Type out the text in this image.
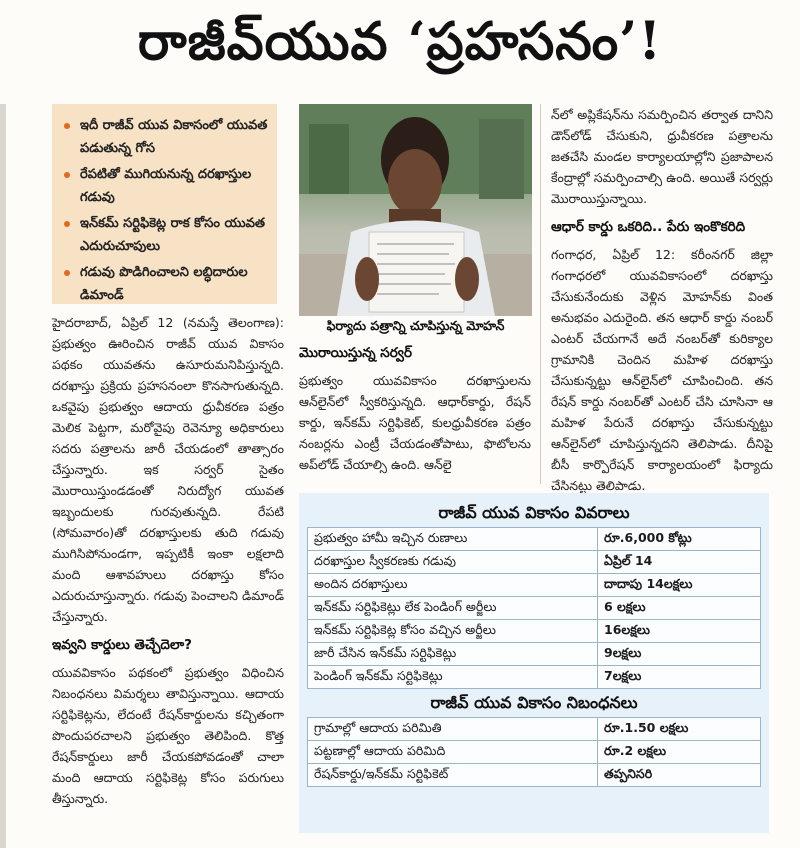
రాజీవ్‌యువ ‘ప్రహసనం’!
ఇదీ రాజీవ్ యువ వికాసంలో యువత పడుతున్న గోస
రేపటితో ముగియనున్న దరఖాస్తుల గడువు
ఇన్‌కమ్ సర్టిఫికెట్ల రాక కోసం యువత ఎదురుచూపులు
గడువు పొడిగించాలని లబ్ధిదారుల డిమాండ్

హైదరాబాద్, ఏప్రిల్ 12 (నమస్తే తెలంగాణ): ప్రభుత్వం ఊరించిన రాజీవ్ యువ వికాసం పథకం యువతను ఉసూరుమనిపిస్తున్నది. దరఖాస్తు ప్రక్రియ ప్రహసనంలా కొనసాగుతున్నది. ఒకవైపు ప్రభుత్వం ఆదాయ ధ్రువీకరణ పత్రం మెలిక పెట్టగా, మరోవైపు రెవెన్యూ అధికారులు సదరు పత్రాలను జారీ చేయడంలో తాత్సారం చేస్తున్నారు. ఇక సర్వర్ సైతం మొరాయిస్తుండడంతో నిరుద్యోగ యువత ఇబ్బందులకు గురవుతున్నది. రేపటి (సోమవారం)తో దరఖాస్తులకు తుది గడువు ముగిసిపోనుండగా, ఇప్పటికీ ఇంకా లక్షలాది మంది ఆశావహులు దరఖాస్తు కోసం ఎదురుచూస్తున్నారు. గడువు పెంచాలని డిమాండ్ చేస్తున్నారు.

ఇవ్వని కార్డులు తెచ్చేదెలా?

యువవికాసం పథకంలో ప్రభుత్వం విధించిన నిబంధనలు విమర్శలు తావిస్తున్నాయి. ఆదాయ సర్టిఫికెట్లను, లేదంటే రేషన్‌కార్డులను కచ్చితంగా పొందుపరచాలని ప్రభుత్వం తెలిపింది. కొత్త రేషన్‌కార్డులు జారీ చేయకపోవడంతో చాలా మంది ఆదాయ సర్టిఫికెట్ల కోసం పరుగులు తీస్తున్నారు.

ఫిర్యాదు పత్రాన్ని చూపిస్తున్న మోహన్
మొరాయిస్తున్న సర్వర్

ప్రభుత్వం యువవికాసం దరఖాస్తులను ఆన్‌లైన్‌లో స్వీకరిస్తున్నది. ఆధార్‌కార్డు, రేషన్ కార్డు, ఇన్‌కమ్ సర్టిఫికెట్, కులధ్రువీకరణ పత్రం నంబర్లను ఎంట్రీ చేయడంతోపాటు, ఫొటోలను అప్‌లోడ్ చేయాల్సి ఉంది. ఆన్‌లై

న్‌లో అప్లికేషన్‌ను సమర్పించిన తర్వాత దానిని డౌన్‌లోడ్ చేసుకుని, ధ్రువీకరణ పత్రాలను జతచేసి మండల కార్యాలయాల్లోని ప్రజాపాలన కేంద్రాల్లో సమర్పించాల్సి ఉంది. అయితే సర్వర్లు మొరాయిస్తున్నాయి.

ఆధార్ కార్డు ఒకరిది.. పేరు ఇంకొకరిది

గంగాధర, ఏప్రిల్ 12: కరీంనగర్ జిల్లా గంగాధరలో యువవికాసంలో దరఖాస్తు చేసుకునేందుకు వెళ్లిన మోహన్‌కు వింత అనుభవం ఎదురైంది. తన ఆధార్ కార్డు నంబర్ ఎంటర్ చేయగానే అదే నంబర్‌తో కురిక్యాల గ్రామానికి చెందిన మహిళ దరఖాస్తు చేసుకున్నట్టు ఆన్‌లైన్‌లో చూపించింది. తన రేషన్ కార్డు నంబర్‌తో ఎంటర్ చేసి చూసినా ఆ మహిళ పేరునే దరఖాస్తు చేసుకున్నట్టు ఆన్‌లైన్‌లో చూపిస్తున్నదని తెలిపాడు. దీనిపై బీసీ కార్పొరేషన్ కార్యాలయంలో ఫిర్యాదు చేసినట్టు తెలిపాడు.

రాజీవ్ యువ వికాసం వివరాలు
ప్రభుత్వం హామీ ఇచ్చిన రుణాలు	రూ.6,000 కోట్లు
దరఖాస్తుల స్వీకరణకు గడువు	ఏప్రిల్ 14
అందిన దరఖాస్తులు	దాదాపు 14లక్షలు
ఇన్‌కమ్ సర్టిఫికెట్లు లేక పెండింగ్ అర్జీలు	6 లక్షలు
ఇన్‌కమ్ సర్టిఫికెట్ల కోసం వచ్చిన అర్జీలు	16లక్షలు
జారీ చేసిన ఇన్‌కమ్ సర్టిఫికెట్లు	9లక్షలు
పెండింగ్ ఇన్‌కమ్ సర్టిఫికెట్లు	7లక్షలు
రాజీవ్ యువ వికాసం నిబంధనలు
గ్రామాల్లో ఆదాయ పరిమితి	రూ.1.50 లక్షలు
పట్టణాల్లో ఆదాయ పరిమిది	రూ.2 లక్షలు
రేషన్‌కార్డు/ఇన్‌కమ్ సర్టిఫికెట్	తప్పనిసరి
